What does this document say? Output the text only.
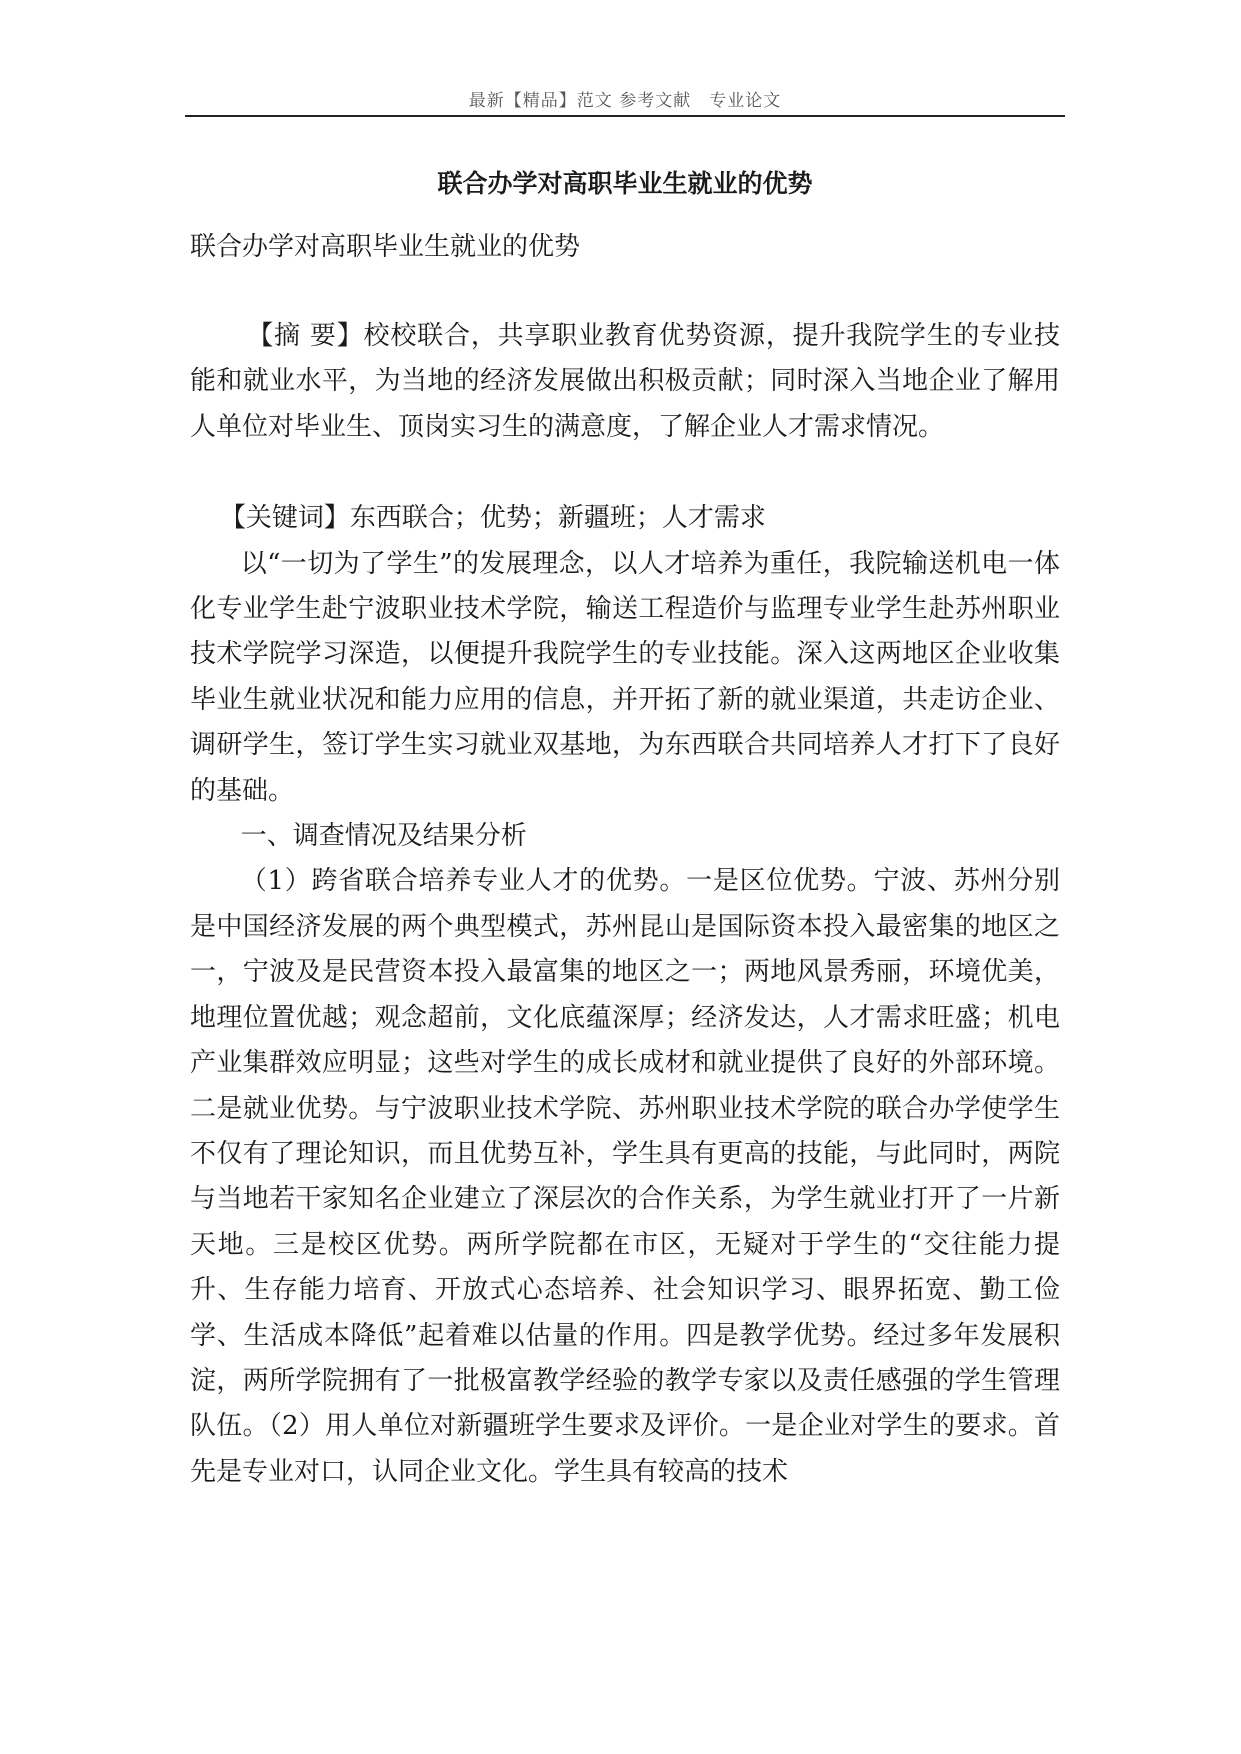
最新【精品】范文 参考文献　专业论文
联合办学对高职毕业生就业的优势

联合办学对高职毕业生就业的优势

【摘 要】校校联合，共享职业教育优势资源，提升我院学生的专业技能和就业水平，为当地的经济发展做出积极贡献；同时深入当地企业了解用人单位对毕业生、顶岗实习生的满意度，了解企业人才需求情况。

【关键词】东西联合；优势；新疆班；人才需求

以“一切为了学生”的发展理念，以人才培养为重任，我院输送机电一体化专业学生赴宁波职业技术学院，输送工程造价与监理专业学生赴苏州职业技术学院学习深造，以便提升我院学生的专业技能。深入这两地区企业收集毕业生就业状况和能力应用的信息，并开拓了新的就业渠道，共走访企业、调研学生，签订学生实习就业双基地，为东西联合共同培养人才打下了良好的基础。

一、调查情况及结果分析

（1）跨省联合培养专业人才的优势。一是区位优势。宁波、苏州分别是中国经济发展的两个典型模式，苏州昆山是国际资本投入最密集的地区之一，宁波及是民营资本投入最富集的地区之一；两地风景秀丽，环境优美，地理位置优越；观念超前，文化底蕴深厚；经济发达，人才需求旺盛；机电产业集群效应明显；这些对学生的成长成材和就业提供了良好的外部环境。二是就业优势。与宁波职业技术学院、苏州职业技术学院的联合办学使学生不仅有了理论知识，而且优势互补，学生具有更高的技能，与此同时，两院与当地若干家知名企业建立了深层次的合作关系，为学生就业打开了一片新天地。三是校区优势。两所学院都在市区，无疑对于学生的“交往能力提升、生存能力培育、开放式心态培养、社会知识学习、眼界拓宽、勤工俭学、生活成本降低”起着难以估量的作用。四是教学优势。经过多年发展积淀，两所学院拥有了一批极富教学经验的教学专家以及责任感强的学生管理队伍。（2）用人单位对新疆班学生要求及评价。一是企业对学生的要求。首先是专业对口，认同企业文化。学生具有较高的技术
